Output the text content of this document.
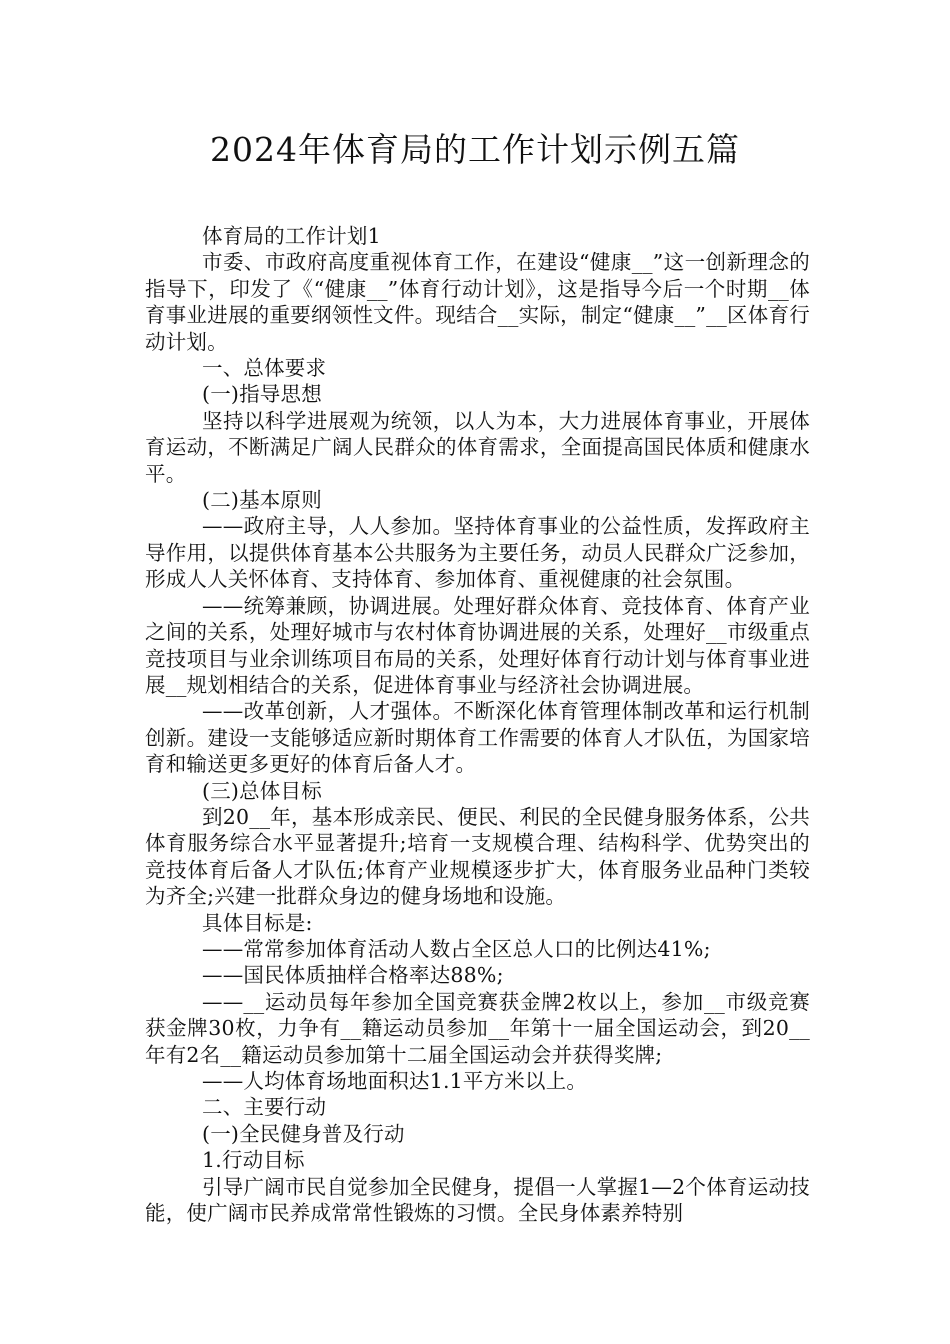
2024年体育局的工作计划示例五篇

体育局的工作计划1

市委、市政府高度重视体育工作，在建设“健康__”这一创新理念的指导下，印发了《“健康__”体育行动计划》，这是指导今后一个时期__体育事业进展的重要纲领性文件。现结合__实际，制定“健康__”__区体育行动计划。

一、总体要求

(一)指导思想

坚持以科学进展观为统领，以人为本，大力进展体育事业，开展体育运动，不断满足广阔人民群众的体育需求，全面提高国民体质和健康水平。

(二)基本原则

——政府主导，人人参加。坚持体育事业的公益性质，发挥政府主导作用，以提供体育基本公共服务为主要任务，动员人民群众广泛参加，形成人人关怀体育、支持体育、参加体育、重视健康的社会氛围。

——统筹兼顾，协调进展。处理好群众体育、竞技体育、体育产业之间的关系，处理好城市与农村体育协调进展的关系，处理好__市级重点竞技项目与业余训练项目布局的关系，处理好体育行动计划与体育事业进展__规划相结合的关系，促进体育事业与经济社会协调进展。

——改革创新，人才强体。不断深化体育管理体制改革和运行机制创新。建设一支能够适应新时期体育工作需要的体育人才队伍，为国家培育和输送更多更好的体育后备人才。

(三)总体目标

到20__年，基本形成亲民、便民、利民的全民健身服务体系，公共体育服务综合水平显著提升;培育一支规模合理、结构科学、优势突出的竞技体育后备人才队伍;体育产业规模逐步扩大，体育服务业品种门类较为齐全;兴建一批群众身边的健身场地和设施。

具体目标是:

——常常参加体育活动人数占全区总人口的比例达41%;

——国民体质抽样合格率达88%;

——__运动员每年参加全国竞赛获金牌2枚以上，参加__市级竞赛获金牌30枚，力争有__籍运动员参加__年第十一届全国运动会，到20__年有2名__籍运动员参加第十二届全国运动会并获得奖牌;

——人均体育场地面积达1.1平方米以上。

二、主要行动

(一)全民健身普及行动

1.行动目标

引导广阔市民自觉参加全民健身，提倡一人掌握1—2个体育运动技能，使广阔市民养成常常性锻炼的习惯。全民身体素养特别
